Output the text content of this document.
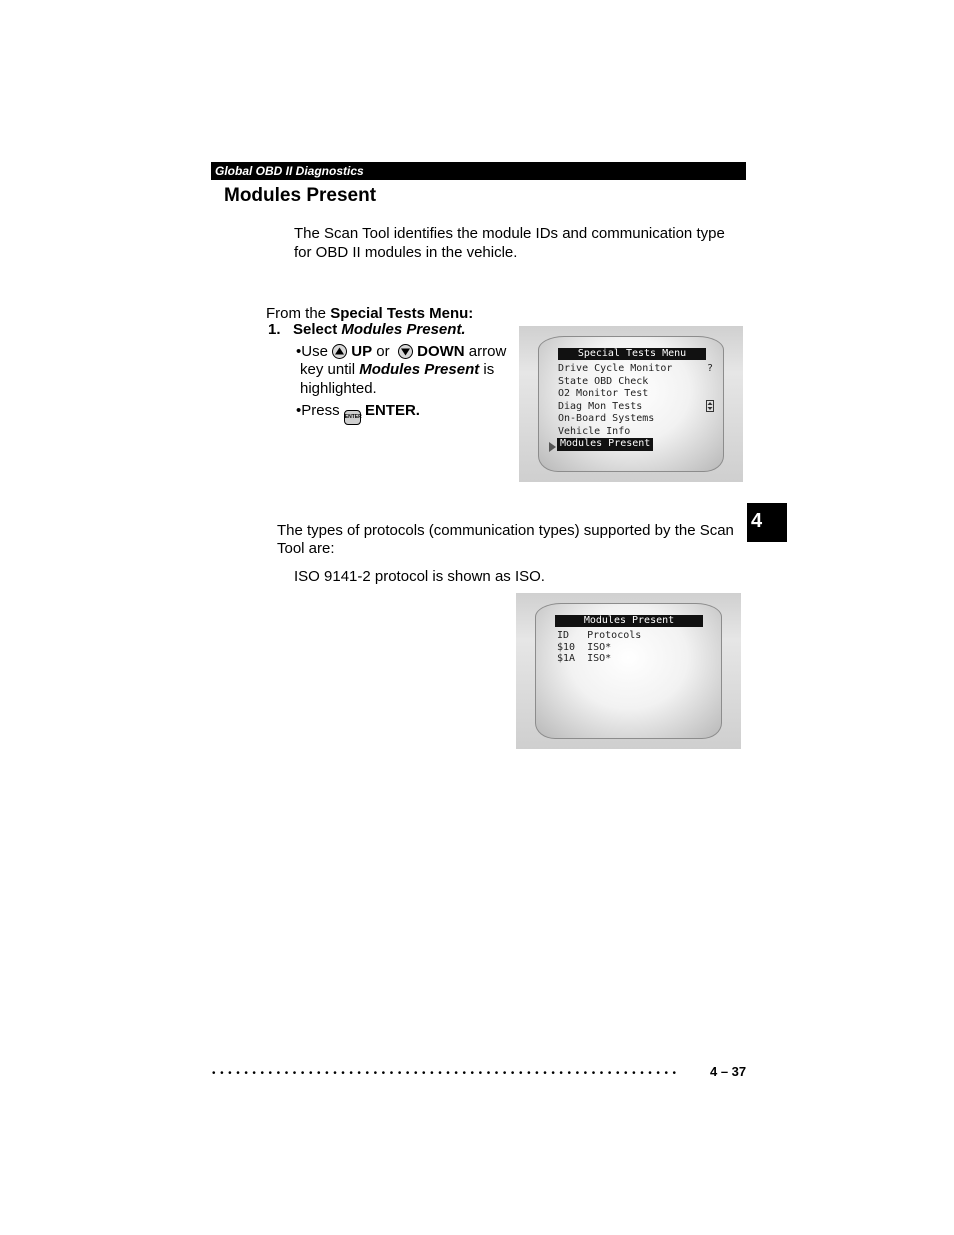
Global OBD II Diagnostics
Modules Present
The Scan Tool identifies the module IDs and communication type for OBD II modules in the vehicle.
From the Special Tests Menu:
1. Select Modules Present.
•Use
UP or
DOWN arrow
key until Modules Present is
highlighted.
•Press ENTER ENTER.
Special Tests Menu
Drive Cycle Monitor
State OBD Check
O2 Monitor Test
Diag Mon Tests
On-Board Systems
Vehicle Info
Modules Present
?
4
The types of protocols (communication types) supported by the Scan Tool are:
ISO 9141-2 protocol is shown as ISO.
Modules Present
ID   Protocols
$10  ISO*
$1A  ISO*
• • • • • • • • • • • • • • • • • • • • • • • • • • • • • • • • • • • • • • • • • • • • • • • • • • • • • • • • • •	4 – 37
